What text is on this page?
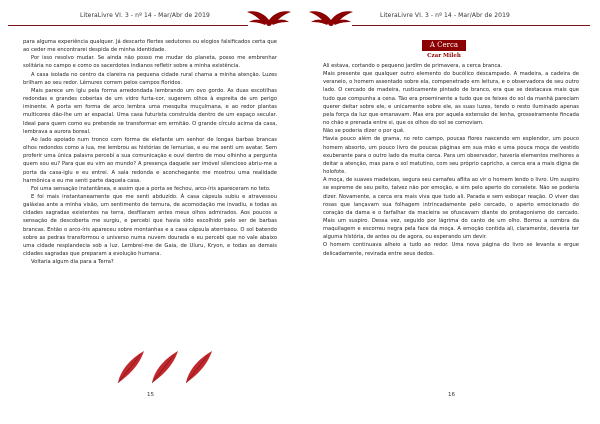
LiteraLivre VI. 3 - nº 14 - Mar/Abr de 2019

para alguma experiência qualquer. Já descarto flertes sedutores ou elogios falsificados certa que ao ceder me encontrarei despida de minha identidade.

Por isso resolvo mudar. Se ainda não posso me mudar do planeta, posso me embrenhar solitária no campo e como os sacerdotes indianos refletir sobre a minha existência.

A casa isolada no centro da clareira na pequena cidade rural chama a minha atenção. Luzes brilham ao seu redor. Lêmures correm pelos campos floridos.

Mais parece um iglu pela forma arredondada lembrando um ovo gordo. As duas escotilhas redondas e grandes cobertas de um vidro furta-cor, sugerem olhos à espreita de um perigo iminente. A porta em forma de arco lembra uma mesquita muçulmana, e ao redor plantas multicores dão-lhe um ar espacial. Uma casa futurista construída dentro de um espaço secular. Ideal para quem como eu pretende se transformar em ermitão. O grande círculo acima da casa, lembrava a aurora boreal.

Ao lado apoiado num tronco com forma de elefante um senhor de longas barbas brancas olhos redondos como a lua, me lembrou as histórias de lemurias, e eu me senti um avatar. Sem proferir uma única palavra percebi a sua comunicação e ouvi dentro de mou olhinho a pergunta quem sou eu? Para que eu vim ao mundo? A presença daquele ser imóvel silencioso abriu-me a porta da casa-iglu e eu entrei. A sala redonda e aconchegante me mostrou uma realidade harmônica e eu me senti parte daquela casa.

Foi uma sensação instantânea, e assim que a porta se fechou, arco-íris apareceram no teto.

E foi mais instantaneamente que me senti abduzido. À casa cápsula subiu e atravessou galáxias ante a minha visão, um sentimento de ternura, de acomodação me invadiu, e todas as cidades sagradas existentes na terra, desfilaram antes meus olhos admirados. Aos poucos a sensação de descoberta me surgiu, e percebi que havia sido escolhido pelo ser de barbas brancas. Então o arco-íris apareceu sobre montanhas e a casa cápsula aterrissou. O sol batendo sobre as pedras transformou o universo numa nuvem dourada e eu percebi que no vale abaixo uma cidade resplandecia sob a luz. Lembrei-me de Gaia, de Uluru, Kryon, e todas as demais cidades sagradas que preparam a evolução humana.

Voltaria algum dia para a Terra?

15
LiteraLivre VI. 3 - nº 14 - Mar/Abr de 2019
A Cerca
Czar Mileh

Ali estava, cortando o pequeno jardim de primavera, a cerca branca.

Mais presente que qualquer outro elemento do bucólico descampado. A madeira, a cadeira de veraneio, o homem assentado sobre ela, compenetrado em leitura, e o observadora de seu outro lado. O cercado de madeira, rusticamente pintado de branco, era que se destacava mais que tudo que compunha a cena. Tão era proeminente a tudo que os feixes do sol da manhã pareciam querer deitar sobre ele, e unicamente sobre ele, as suas luzes, tendo o resto iluminado apenas pela força da luz que emanavam. Mas era por aquela extensão de lenha, grosseiramente fincada no chão e prenada entre si, que os olhos do sol se comoviam.

Não se poderia dizer o por quê.

Havia pouco além de grama, no reto campo, poucas flores nascendo em esplendor, um pouco homem absorto, um pouco livro de poucas páginas em sua mão e uma pouca moça de vestido exuberante para o outro lado da muita cerca. Para um observador, haveria elementos melhores a deitar a atenção, mas para o sol matutino, com seu próprio capricho, a cerca era a mais digna de holofote.

A moça, de suaves madeixas, segura seu camafeu aflita ao vir o homem lendo o livro. Um suspiro se espreme de seu peito, talvez não por emoção, e sim pelo aperto do corselete. Não se poderia dizer. Novamente, a cerca era mais viva que tudo ali. Parada e sem esboçar reação. O viver das rosas que lançavam sua folhagem intrincadamente pelo cercado, o aperto emocionado do coração da dama e o farfalhar da macieira se ofuscavam diante do protagonismo do cercado. Mais um suspiro. Dessa vez, seguido por lágrima do canto de um olho. Borrou a sombra da maquilagem e escorreu negra pela face da moça. A emoção contida ali, claramente, deveria ter alguma história, de antes ou de agora, ou esperando um devir.

O homem continuava alheio a tudo ao redor. Uma nova página do livro se levanta e ergue delicadamente, revirada entre seus dedos.

16
